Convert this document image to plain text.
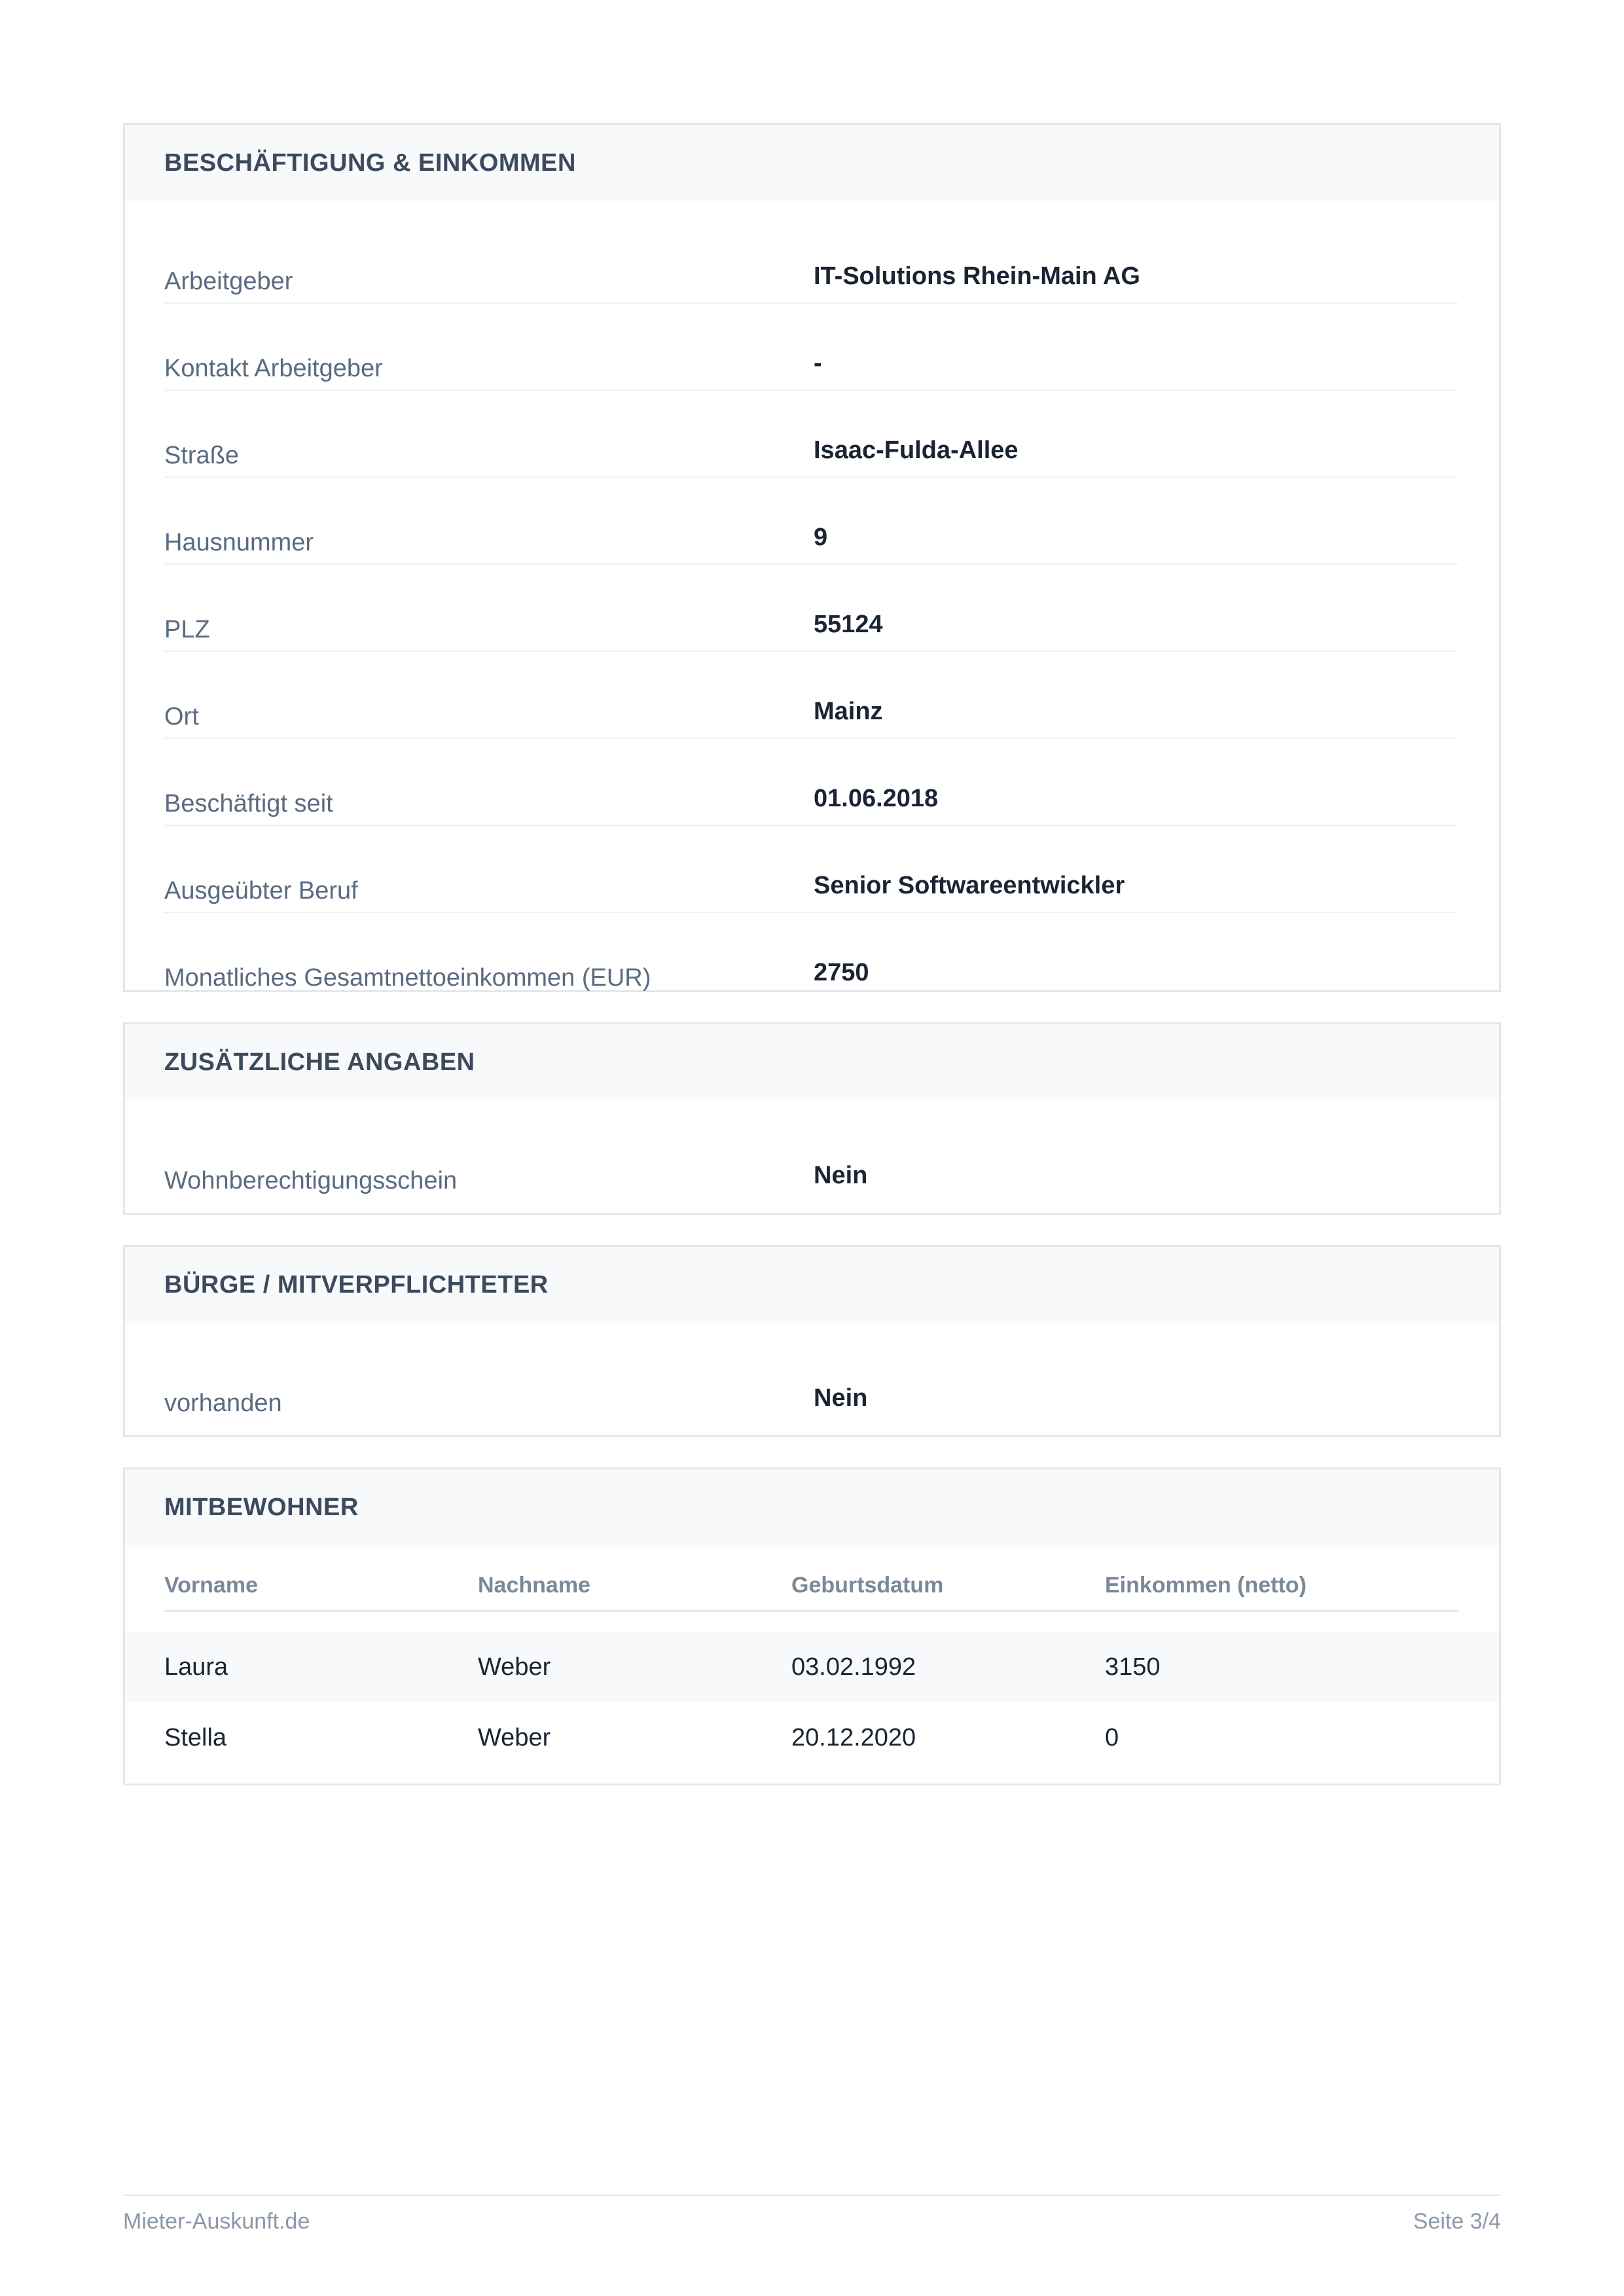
BESCHÄFTIGUNG & EINKOMMEN
Arbeitgeber	IT-Solutions Rhein-Main AG
Kontakt Arbeitgeber	-
Straße	Isaac-Fulda-Allee
Hausnummer	9
PLZ	55124
Ort	Mainz
Beschäftigt seit	01.06.2018
Ausgeübter Beruf	Senior Softwareentwickler
Monatliches Gesamtnettoeinkommen (EUR)	2750
ZUSÄTZLICHE ANGABEN
Wohnberechtigungsschein	Nein
BÜRGE / MITVERPFLICHTETER
vorhanden	Nein
MITBEWOHNER
Vorname	Nachname	Geburtsdatum	Einkommen (netto)
Laura	Weber	03.02.1992	3150
Stella	Weber	20.12.2020	0
Mieter-Auskunft.de	Seite 3/4
